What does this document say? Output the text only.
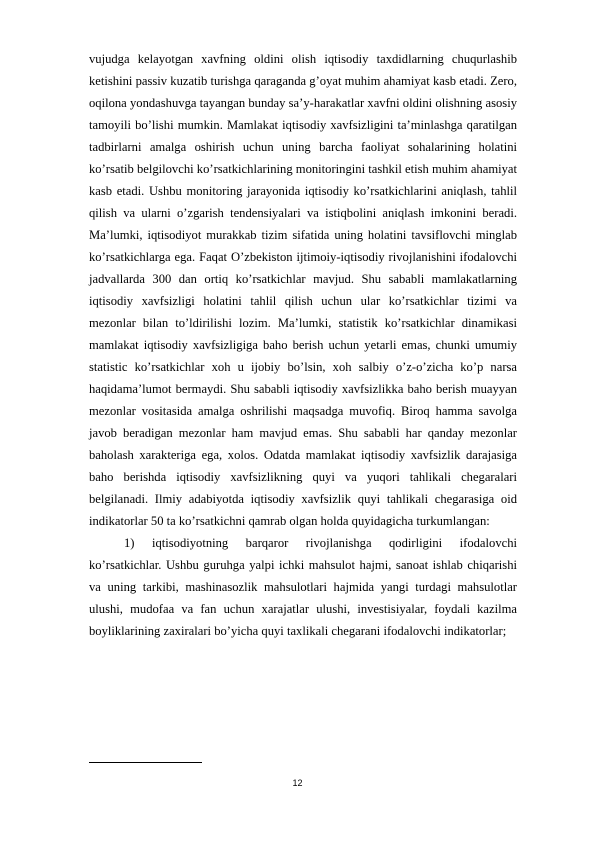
vujudga kelayotgan xavfning oldini olish iqtisodiy taxdidlarning chuqurlashib ketishini passiv kuzatib turishga qaraganda g’oyat muhim ahamiyat kasb etadi. Zero, oqilona yondashuvga tayangan bunday sa’y-harakatlar xavfni oldini olishning asosiy tamoyili bo’lishi mumkin. Mamlakat iqtisodiy xavfsizligini ta’minlashga qaratilgan tadbirlarni amalga oshirish uchun uning barcha faoliyat sohalarining holatini ko’rsatib belgilovchi ko’rsatkichlarining monitoringini tashkil etish muhim ahamiyat kasb etadi. Ushbu monitoring jarayonida iqtisodiy ko’rsatkichlarini aniqlash, tahlil qilish va ularni o’zgarish tendensiyalari va istiqbolini aniqlash imkonini beradi. Ma’lumki, iqtisodiyot murakkab tizim sifatida uning holatini tavsiflovchi minglab ko’rsatkichlarga ega. Faqat O’zbekiston ijtimoiy-iqtisodiy rivojlanishini ifodalovchi jadvallarda 300 dan ortiq ko’rsatkichlar mavjud. Shu sababli mamlakatlarning iqtisodiy xavfsizligi holatini tahlil qilish uchun ular ko’rsatkichlar tizimi va mezonlar bilan to’ldirilishi lozim. Ma’lumki, statistik ko’rsatkichlar dinamikasi mamlakat iqtisodiy xavfsizligiga baho berish uchun yetarli emas, chunki umumiy statistic ko’rsatkichlar xoh u ijobiy bo’lsin, xoh salbiy o’z-o’zicha ko’p narsa haqidama’lumot bermaydi. Shu sababli iqtisodiy xavfsizlikka baho berish muayyan mezonlar vositasida amalga oshrilishi maqsadga muvofiq. Biroq hamma savolga javob beradigan mezonlar ham mavjud emas. Shu sababli har qanday mezonlar baholash xarakteriga ega, xolos. Odatda mamlakat iqtisodiy xavfsizlik darajasiga baho berishda iqtisodiy xavfsizlikning quyi va yuqori tahlikali chegaralari belgilanadi. Ilmiy adabiyotda iqtisodiy xavfsizlik quyi tahlikali chegarasiga oid indikatorlar 50 ta ko’rsatkichni qamrab olgan holda quyidagicha turkumlangan:

1) iqtisodiyotning barqaror rivojlanishga qodirligini ifodalovchi ko’rsatkichlar. Ushbu guruhga yalpi ichki mahsulot hajmi, sanoat ishlab chiqarishi va uning tarkibi, mashinasozlik mahsulotlari hajmida yangi turdagi mahsulotlar ulushi, mudofaa va fan uchun xarajatlar ulushi, investisiyalar, foydali kazilma boyliklarining zaxiralari bo’yicha quyi taxlikali chegarani ifodalovchi indikatorlar;

12
